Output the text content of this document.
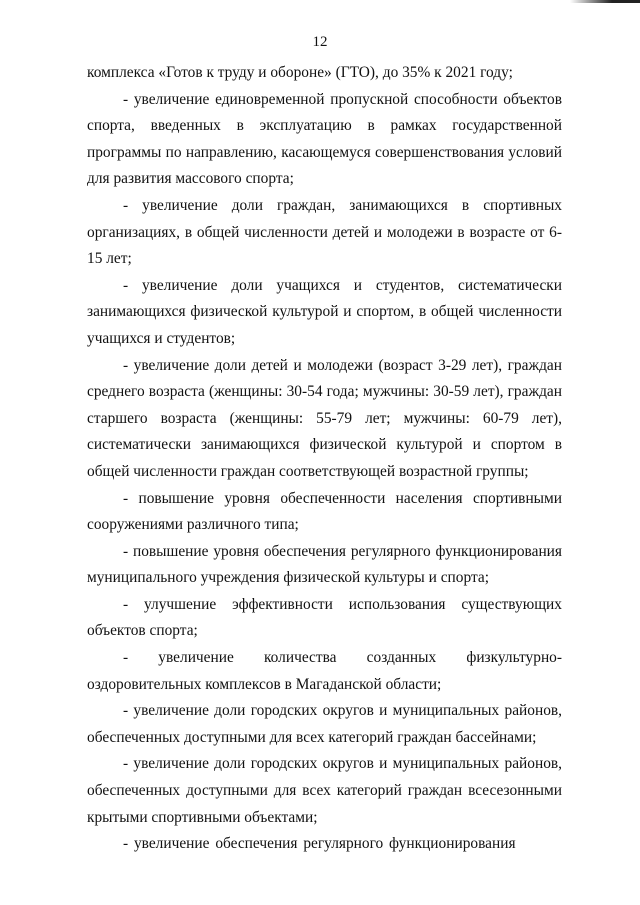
12

комплекса «Готов к труду и обороне» (ГТО), до 35% к 2021 году;

- увеличение единовременной пропускной способности объектов спорта, введенных в эксплуатацию в рамках государственной программы по направлению, касающемуся совершенствования условий для развития массового спорта;

- увеличение доли граждан, занимающихся в спортивных организациях, в общей численности детей и молодежи в возрасте от 6-15 лет;

- увеличение доли учащихся и студентов, систематически занимающихся физической культурой и спортом, в общей численности учащихся и студентов;

- увеличение доли детей и молодежи (возраст 3-29 лет), граждан среднего возраста (женщины: 30-54 года; мужчины: 30-59 лет), граждан старшего возраста (женщины: 55-79 лет; мужчины: 60-79 лет), систематически занимающихся физической культурой и спортом в общей численности граждан соответствующей возрастной группы;

- повышение уровня обеспеченности населения спортивными сооружениями различного типа;

- повышение уровня обеспечения регулярного функционирования муниципального учреждения физической культуры и спорта;

- улучшение эффективности использования существующих объектов спорта;

- увеличение количества созданных физкультурно-оздоровительных комплексов в Магаданской области;

- увеличение доли городских округов и муниципальных районов, обеспеченных доступными для всех категорий граждан бассейнами;

- увеличение доли городских округов и муниципальных районов, обеспеченных доступными для всех категорий граждан всесезонными крытыми спортивными объектами;

- увеличение обеспечения регулярного функционирования
